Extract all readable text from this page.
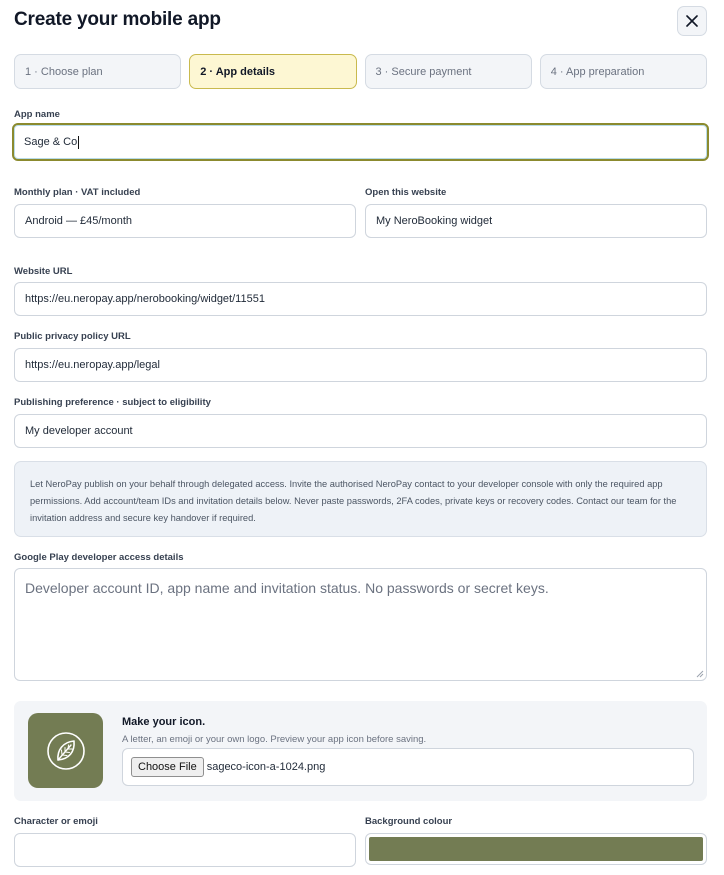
Create your mobile app
1 · Choose plan	2 · App details	3 · Secure payment	4 · App preparation
App name
Sage & Co
Monthly plan · VAT included
Android — £45/month
Open this website
My NeroBooking widget
Website URL
https://eu.neropay.app/nerobooking/widget/11551
Public privacy policy URL
https://eu.neropay.app/legal
Publishing preference · subject to eligibility
My developer account
Let NeroPay publish on your behalf through delegated access. Invite the authorised NeroPay contact to your developer console with only the required app permissions. Add account/team IDs and invitation details below. Never paste passwords, 2FA codes, private keys or recovery codes. Contact our team for the invitation address and secure key handover if required.
Google Play developer access details
Developer account ID, app name and invitation status. No passwords or secret keys.
Make your icon.
A letter, an emoji or your own logo. Preview your app icon before saving.
Choose File sageco-icon-a-1024.png
Character or emoji	Background colour
